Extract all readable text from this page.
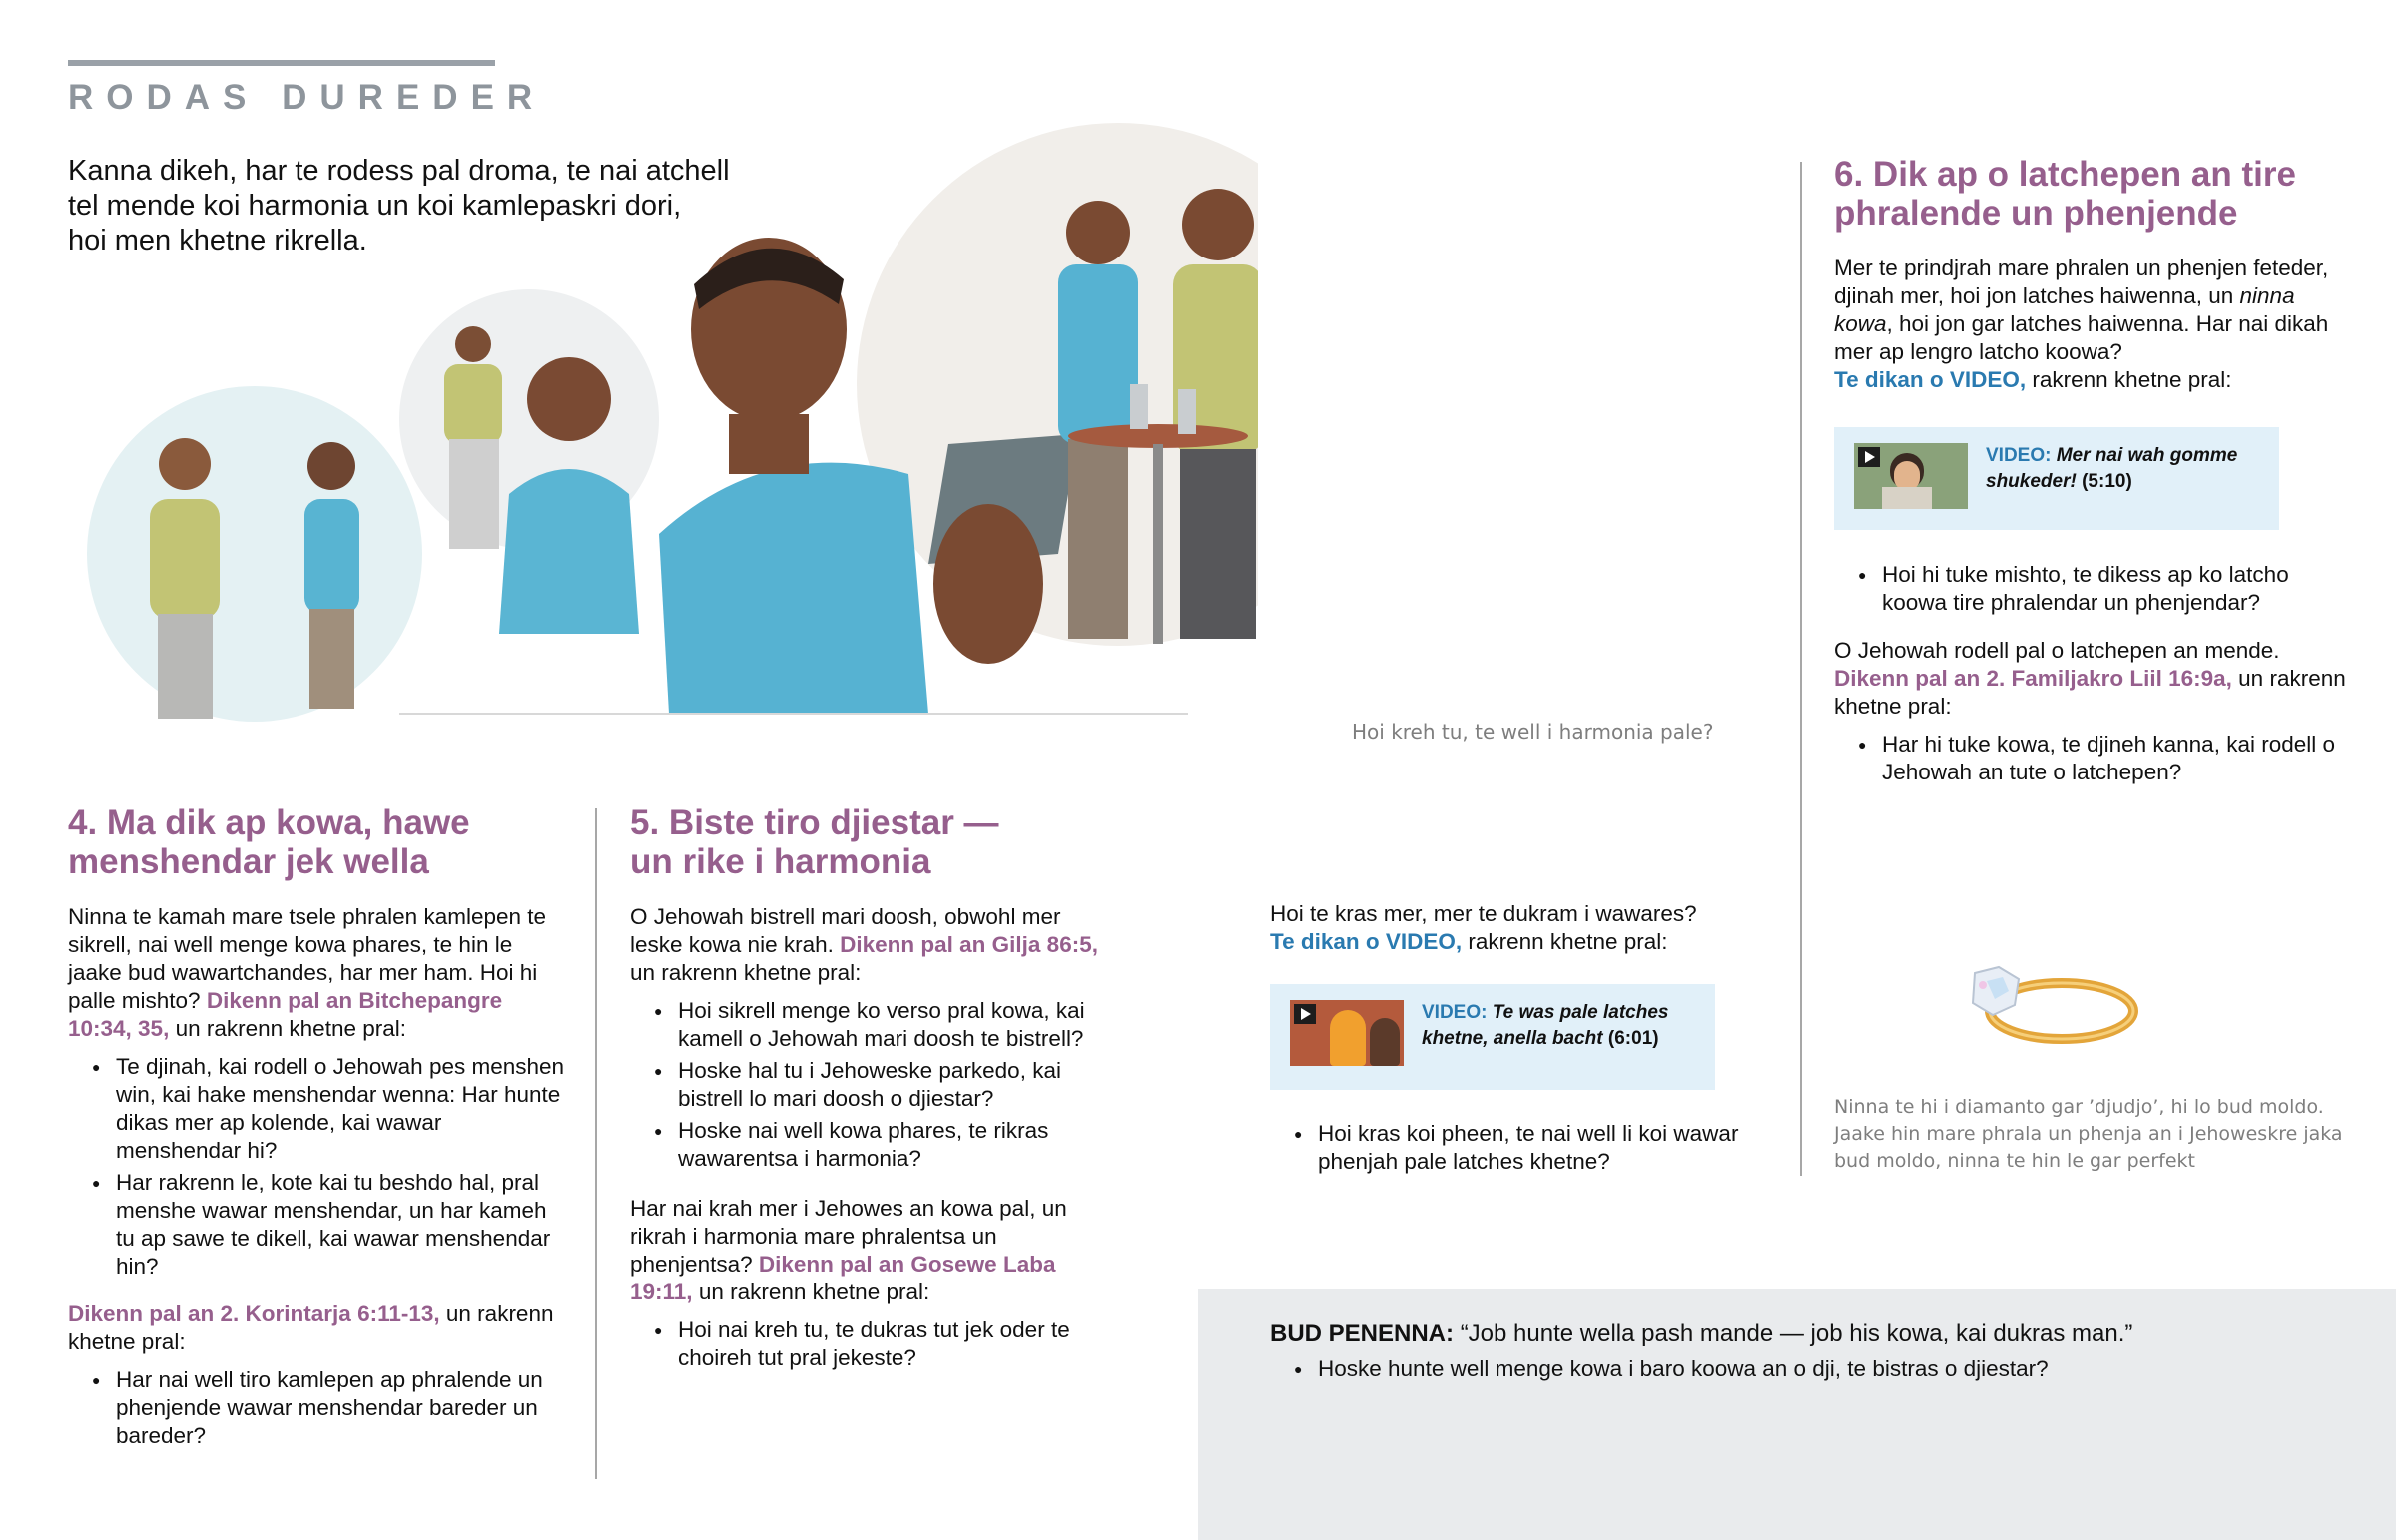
RODAS DUREDER
Kanna dikeh, har te rodess pal droma, te nai atchell
tel mende koi harmonia un koi kamlepaskri dori,
hoi men khetne rikrella.
Hoi kreh tu, te well i harmonia pale?
4. Ma dik ap kowa, hawe
menshendar jek wella
Ninna te kamah mare tsele phralen kamlepen te sikrell, nai well menge kowa phares, te hin le jaake bud wawartchandes, har mer ham. Hoi hi palle mishto? Dikenn pal an Bitchepangre 10:34, 35, un rakrenn khetne pral:
● Te djinah, kai rodell o Jehowah pes menshen win, kai hake menshendar wenna: Har hunte dikas mer ap kolende, kai wawar menshendar hi?
● Har rakrenn le, kote kai tu beshdo hal, pral menshe wawar menshendar, un har kameh tu ap sawe te dikell, kai wawar menshendar hin?
Dikenn pal an 2. Korintarja 6:11-13, un rakrenn khetne pral:
● Har nai well tiro kamlepen ap phralende un phenjende wawar menshendar bareder un bareder?
5. Biste tiro djiestar —
un rike i harmonia
O Jehowah bistrell mari doosh, obwohl mer leske kowa nie krah. Dikenn pal an Gilja 86:5, un rakrenn khetne pral:
● Hoi sikrell menge ko verso pral kowa, kai kamell o Jehowah mari doosh te bistrell?
● Hoske hal tu i Jehoweske parkedo, kai bistrell lo mari doosh o djiestar?
● Hoske nai well kowa phares, te rikras wawarentsa i harmonia?
Har nai krah mer i Jehowes an kowa pal, un rikrah i harmonia mare phralentsa un phenjentsa? Dikenn pal an Gosewe Laba 19:11, un rakrenn khetne pral:
● Hoi nai kreh tu, te dukras tut jek oder te choireh tut pral jekeste?
Hoi te kras mer, mer te dukram i wawares?
Te dikan o VIDEO, rakrenn khetne pral:
VIDEO: Te was pale latches khetne, anella bacht (6:01)
● Hoi kras koi pheen, te nai well li koi wawar phenjah pale latches khetne?
6. Dik ap o latchepen an tire
phralende un phenjende
Mer te prindjrah mare phralen un phenjen feteder, djinah mer, hoi jon latches haiwenna, un ninna kowa, hoi jon gar latches haiwenna. Har nai dikah mer ap lengro latcho koowa?
Te dikan o VIDEO, rakrenn khetne pral:
VIDEO: Mer nai wah gomme shukeder! (5:10)
● Hoi hi tuke mishto, te dikess ap ko latcho koowa tire phralendar un phenjendar?
O Jehowah rodell pal o latchepen an mende. Dikenn pal an 2. Familjakro Liil 16:9a, un rakrenn khetne pral:
● Har hi tuke kowa, te djineh kanna, kai rodell o Jehowah an tute o latchepen?
Ninna te hi i diamanto gar ’djudjo’, hi lo bud moldo. Jaake hin mare phrala un phenja an i Jehoweskre jaka bud moldo, ninna te hin le gar perfekt
BUD PENENNA: “Job hunte wella pash mande — job his kowa, kai dukras man.”
● Hoske hunte well menge kowa i baro koowa an o dji, te bistras o djiestar?
